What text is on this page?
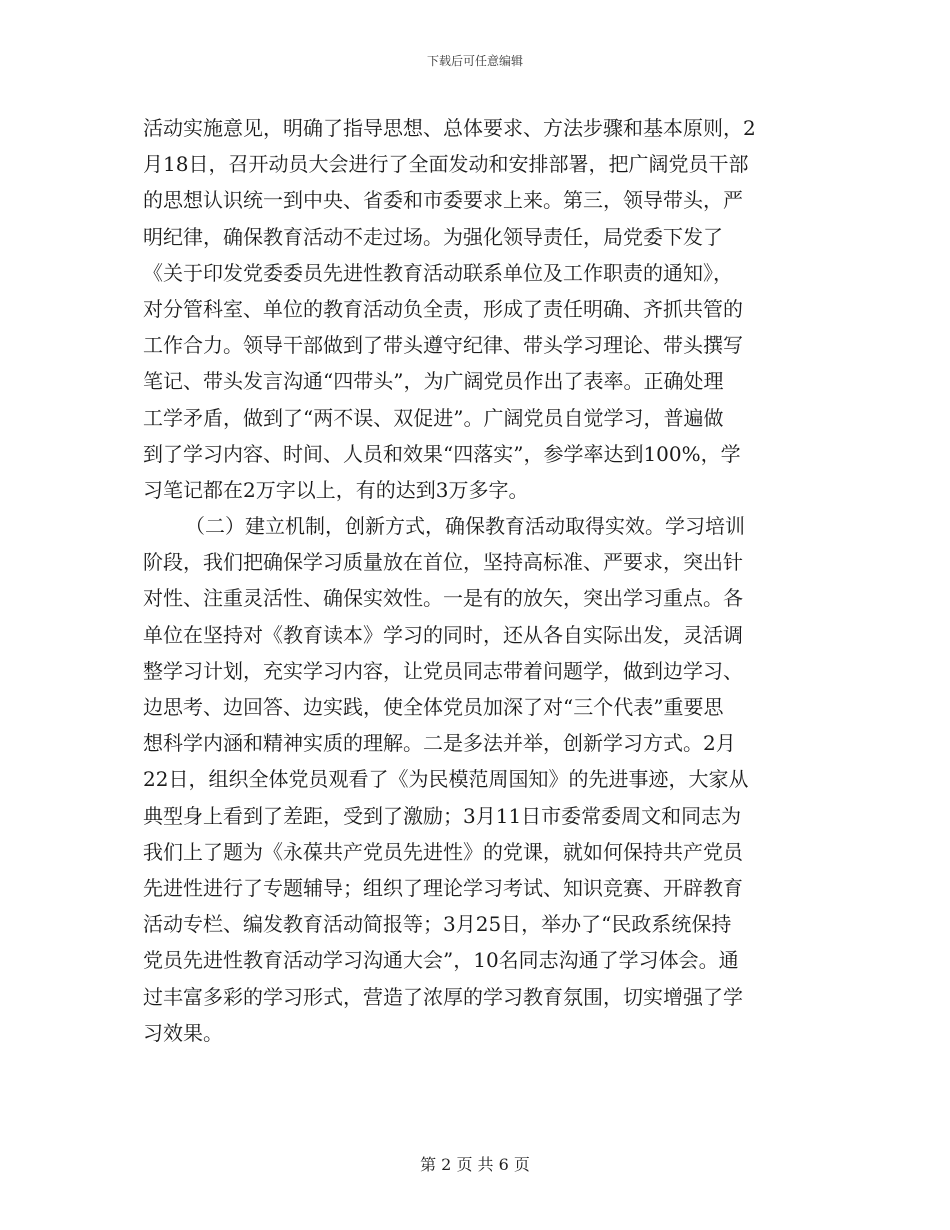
下载后可任意编辑
活动实施意见，明确了指导思想、总体要求、方法步骤和基本原则，2
月18日，召开动员大会进行了全面发动和安排部署，把广阔党员干部
的思想认识统一到中央、省委和市委要求上来。第三，领导带头，严
明纪律，确保教育活动不走过场。为强化领导责任，局党委下发了
《关于印发党委委员先进性教育活动联系单位及工作职责的通知》，
对分管科室、单位的教育活动负全责，形成了责任明确、齐抓共管的
工作合力。领导干部做到了带头遵守纪律、带头学习理论、带头撰写
笔记、带头发言沟通“四带头”，为广阔党员作出了表率。正确处理
工学矛盾，做到了“两不误、双促进”。广阔党员自觉学习，普遍做
到了学习内容、时间、人员和效果“四落实”，参学率达到100%，学
习笔记都在2万字以上，有的达到3万多字。
（二）建立机制，创新方式，确保教育活动取得实效。学习培训
阶段，我们把确保学习质量放在首位，坚持高标准、严要求，突出针
对性、注重灵活性、确保实效性。一是有的放矢，突出学习重点。各
单位在坚持对《教育读本》学习的同时，还从各自实际出发，灵活调
整学习计划，充实学习内容，让党员同志带着问题学，做到边学习、
边思考、边回答、边实践，使全体党员加深了对“三个代表”重要思
想科学内涵和精神实质的理解。二是多法并举，创新学习方式。2月
22日，组织全体党员观看了《为民模范周国知》的先进事迹，大家从
典型身上看到了差距，受到了激励；3月11日市委常委周文和同志为
我们上了题为《永葆共产党员先进性》的党课，就如何保持共产党员
先进性进行了专题辅导；组织了理论学习考试、知识竞赛、开辟教育
活动专栏、编发教育活动简报等；3月25日，举办了“民政系统保持
党员先进性教育活动学习沟通大会”，10名同志沟通了学习体会。通
过丰富多彩的学习形式，营造了浓厚的学习教育氛围，切实增强了学
习效果。
第 2 页 共 6 页
